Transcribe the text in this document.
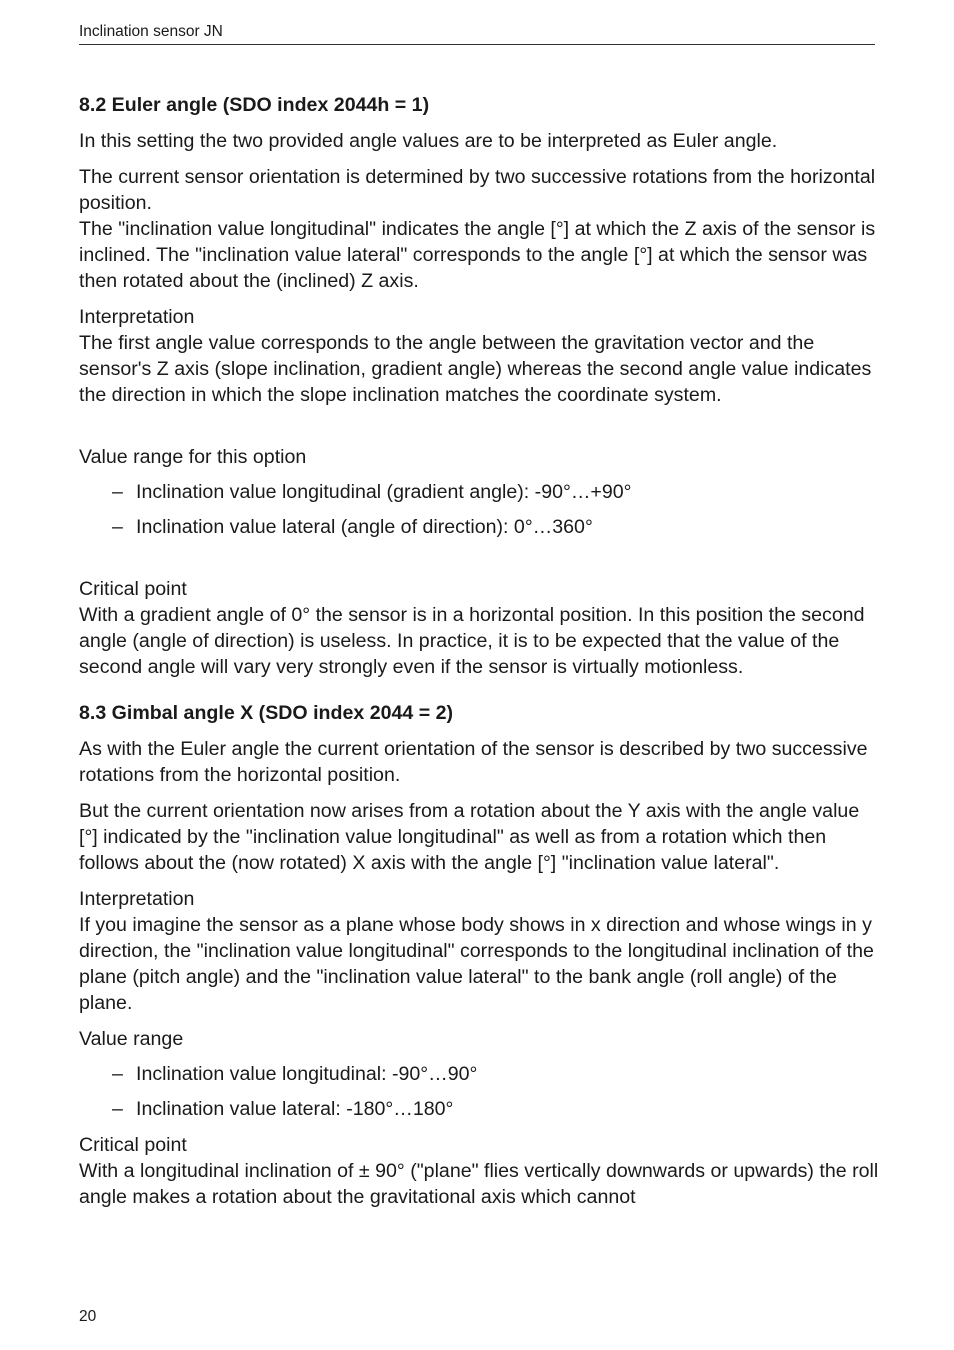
Inclination sensor JN
8.2 Euler angle (SDO index 2044h = 1)

In this setting the two provided angle values are to be interpreted as Euler angle.

The current sensor orientation is determined by two successive rotations from the horizontal position.

The "inclination value longitudinal" indicates the angle [°] at which the Z axis of the sensor is inclined. The "inclination value lateral" corresponds to the angle [°] at which the sensor was then rotated about the (inclined) Z axis.

Interpretation

The first angle value corresponds to the angle between the gravitation vector and the sensor's Z axis (slope inclination, gradient angle) whereas the second angle value indicates the direction in which the slope inclination matches the coordinate system.

Value range for this option

– Inclination value longitudinal (gradient angle): -90°…+90°
– Inclination value lateral (angle of direction): 0°…360°

Critical point

With a gradient angle of 0° the sensor is in a horizontal position. In this position the second angle (angle of direction) is useless. In practice, it is to be expected that the value of the second angle will vary very strongly even if the sensor is virtually motionless.

8.3 Gimbal angle X (SDO index 2044 = 2)

As with the Euler angle the current orientation of the sensor is described by two successive rotations from the horizontal position.

But the current orientation now arises from a rotation about the Y axis with the angle value [°] indicated by the "inclination value longitudinal" as well as from a rotation which then follows about the (now rotated) X axis with the angle [°] "inclination value lateral".

Interpretation

If you imagine the sensor as a plane whose body shows in x direction and whose wings in y direction, the "inclination value longitudinal" corresponds to the longitudinal inclination of the plane (pitch angle) and the "inclination value lateral" to the bank angle (roll angle) of the plane.

Value range

– Inclination value longitudinal: -90°…90°
– Inclination value lateral: -180°…180°

Critical point

With a longitudinal inclination of ± 90° ("plane" flies vertically downwards or upwards) the roll angle makes a rotation about the gravitational axis which cannot

20
